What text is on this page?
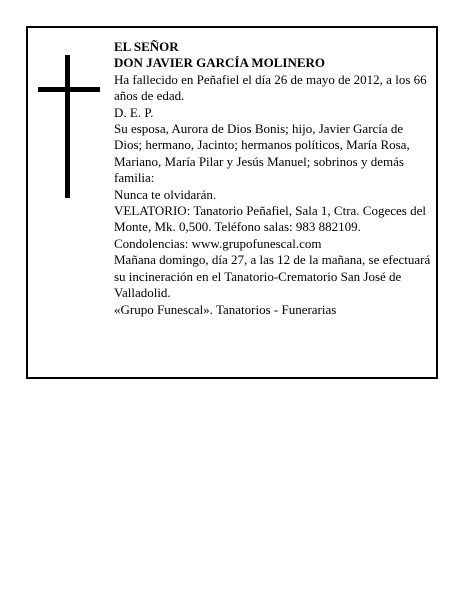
EL SEÑOR

DON JAVIER GARCÍA MOLINERO

Ha fallecido en Peñafiel el día 26 de mayo de 2012, a los 66 años de edad.

D. E. P.

Su esposa, Aurora de Dios Bonis; hijo, Javier García de Dios; hermano, Jacinto; hermanos políticos, María Rosa, Mariano, María Pilar y Jesús Manuel; sobrinos y demás familia:

Nunca te olvidarán.

VELATORIO: Tanatorio Peñafiel, Sala 1, Ctra. Cogeces del Monte, Mk. 0,500. Teléfono salas: 983 882109. Condolencias: www.grupofunescal.com

Mañana domingo, día 27, a las 12 de la mañana, se efectuará su incineración en el Tanatorio-Crematorio San José de Valladolid.

«Grupo Funescal». Tanatorios - Funerarias
